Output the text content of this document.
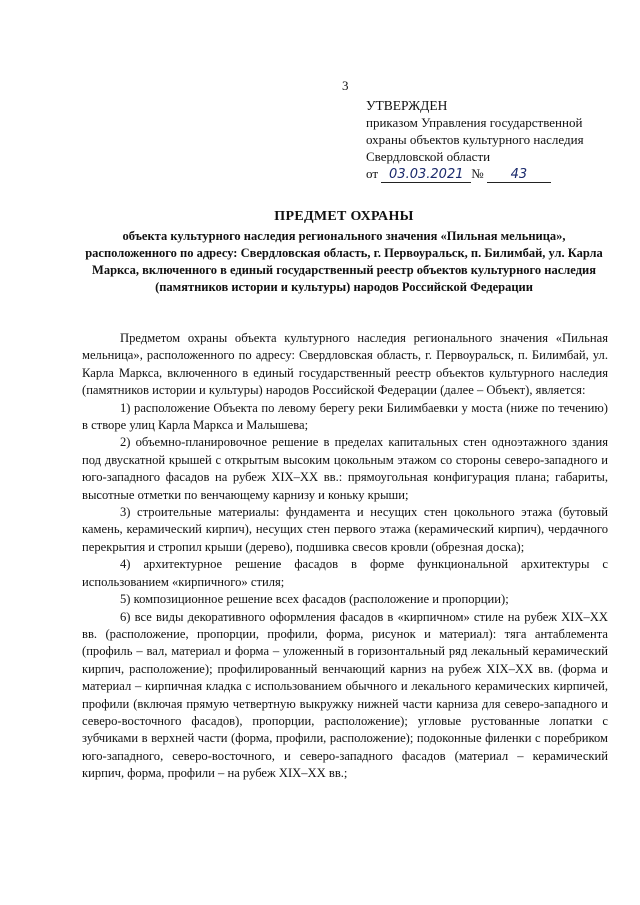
3
УТВЕРЖДЕН
приказом Управления государственной
охраны объектов культурного наследия
Свердловской области
от 03.03.2021 № 43
ПРЕДМЕТ ОХРАНЫ
объекта культурного наследия регионального значения «Пильная мельница», расположенного по адресу: Свердловская область, г. Первоуральск, п. Билимбай, ул. Карла Маркса, включенного в единый государственный реестр объектов культурного наследия (памятников истории и культуры) народов Российской Федерации

Предметом охраны объекта культурного наследия регионального значения «Пильная мельница», расположенного по адресу: Свердловская область, г. Первоуральск, п. Билимбай, ул. Карла Маркса, включенного в единый государственный реестр объектов культурного наследия (памятников истории и культуры) народов Российской Федерации (далее – Объект), является:

1) расположение Объекта по левому берегу реки Билимбаевки у моста (ниже по течению) в створе улиц Карла Маркса и Малышева;

2) объемно-планировочное решение в пределах капитальных стен одноэтажного здания под двускатной крышей с открытым высоким цокольным этажом со стороны северо-западного и юго-западного фасадов на рубеж XIX–XX вв.: прямоугольная конфигурация плана; габариты, высотные отметки по венчающему карнизу и коньку крыши;

3) строительные материалы: фундамента и несущих стен цокольного этажа (бутовый камень, керамический кирпич), несущих стен первого этажа (керамический кирпич), чердачного перекрытия и стропил крыши (дерево), подшивка свесов кровли (обрезная доска);

4) архитектурное решение фасадов в форме функциональной архитектуры с использованием «кирпичного» стиля;

5) композиционное решение всех фасадов (расположение и пропорции);

6) все виды декоративного оформления фасадов в «кирпичном» стиле на рубеж XIX–XX вв. (расположение, пропорции, профили, форма, рисунок и материал): тяга антаблемента (профиль – вал, материал и форма – уложенный в горизонтальный ряд лекальный керамический кирпич, расположение); профилированный венчающий карниз на рубеж XIX–XX вв. (форма и материал – кирпичная кладка с использованием обычного и лекального керамических кирпичей, профили (включая прямую четвертную выкружку нижней части карниза для северо-западного и северо-восточного фасадов), пропорции, расположение); угловые рустованные лопатки с зубчиками в верхней части (форма, профили, расположение); подоконные филенки с поребриком юго-западного, северо-восточного, и северо-западного фасадов (материал – керамический кирпич, форма, профили – на рубеж XIX–XX вв.;
